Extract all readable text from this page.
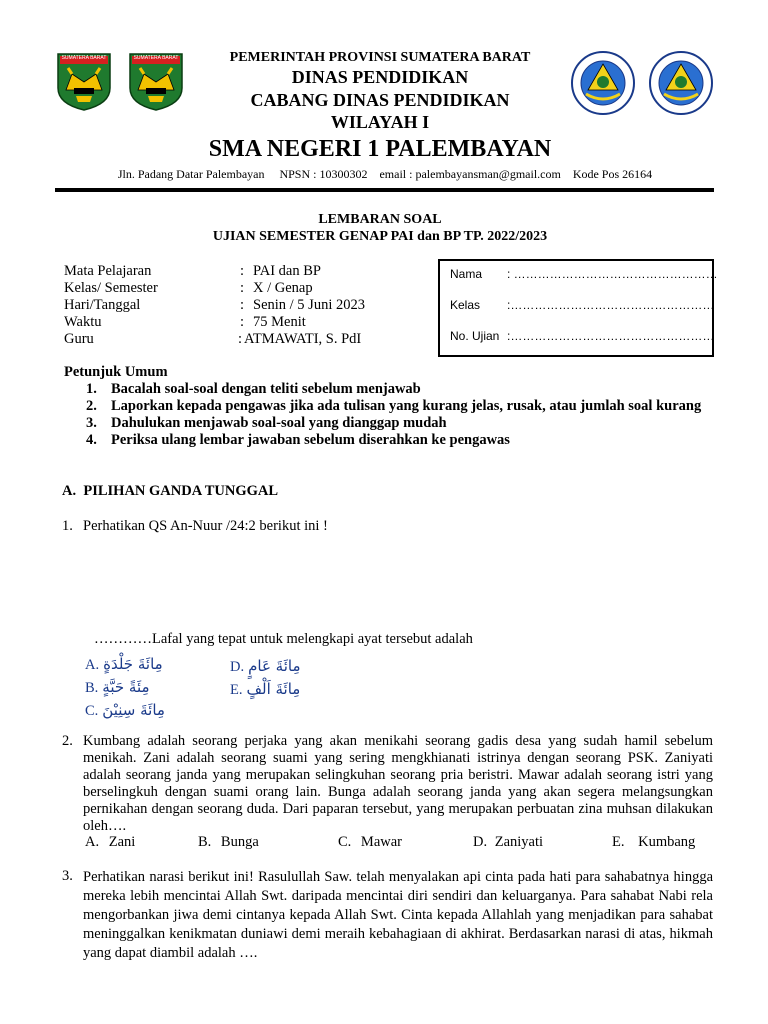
SUMATERA BARAT	SUMATERA BARAT	PEMERINTAH PROVINSI SUMATERA BARAT
DINAS PENDIDIKAN
CABANG DINAS PENDIDIKAN
WILAYAH I
SMA NEGERI 1 PALEMBAYAN
Jln. Padang Datar Palembayan     NPSN : 10300302    email : palembayansman@gmail.com    Kode Pos 26164
LEMBARAN SOAL
UJIAN SEMESTER GENAP PAI dan BP TP. 2022/2023
Mata Pelajaran	: PAI dan BP
Kelas/ Semester	: X / Genap
Hari/Tanggal	: Senin / 5 Juni 2023
Waktu	: 75 Menit
Guru	: ATMAWATI, S. PdI
Nama : ……………………………………………
Kelas :……………………………………………
No. Ujian :……………………………………………
Petunjuk Umum
1. Bacalah soal-soal dengan teliti sebelum menjawab
2. Laporkan kepada pengawas jika ada tulisan yang kurang jelas, rusak, atau jumlah soal kurang
3. Dahulukan menjawab soal-soal yang dianggap mudah
4. Periksa ulang lembar jawaban sebelum diserahkan ke pengawas
A.  PILIHAN GANDA TUNGGAL
1. Perhatikan QS An-Nuur /24:2 berikut ini !
…………Lafal yang tepat untuk melengkapi ayat tersebut adalah
A. مِائَةَ جَلْدَةٍ
B. مِئَةً حَبَّةٍ
C. مِائَةَ سِنِيْنَ
D. مِائَةَ عَامٍ
E. مِائَةَ اَلْفٍ
2. Kumbang adalah seorang perjaka yang akan menikahi seorang gadis desa yang sudah hamil sebelum menikah. Zani adalah seorang suami yang sering mengkhianati istrinya dengan seorang PSK. Zaniyati adalah seorang janda yang merupakan selingkuhan seorang pria beristri. Mawar adalah seorang istri yang berselingkuh dengan suami orang lain. Bunga adalah seorang janda yang akan segera melangsungkan pernikahan dengan seorang duda. Dari paparan tersebut, yang merupakan perbuatan zina muhsan dilakukan oleh….
A. Zani	B. Bunga	C. Mawar	D. Zaniyati	E. Kumbang
3. Perhatikan narasi berikut ini! Rasulullah Saw. telah menyalakan api cinta pada hati para sahabatnya hingga mereka lebih mencintai Allah Swt. daripada mencintai diri sendiri dan keluarganya. Para sahabat Nabi rela mengorbankan jiwa demi cintanya kepada Allah Swt. Cinta kepada Allahlah yang menjadikan para sahabat meninggalkan kenikmatan duniawi demi meraih kebahagiaan di akhirat. Berdasarkan narasi di atas, hikmah yang dapat diambil adalah ….
